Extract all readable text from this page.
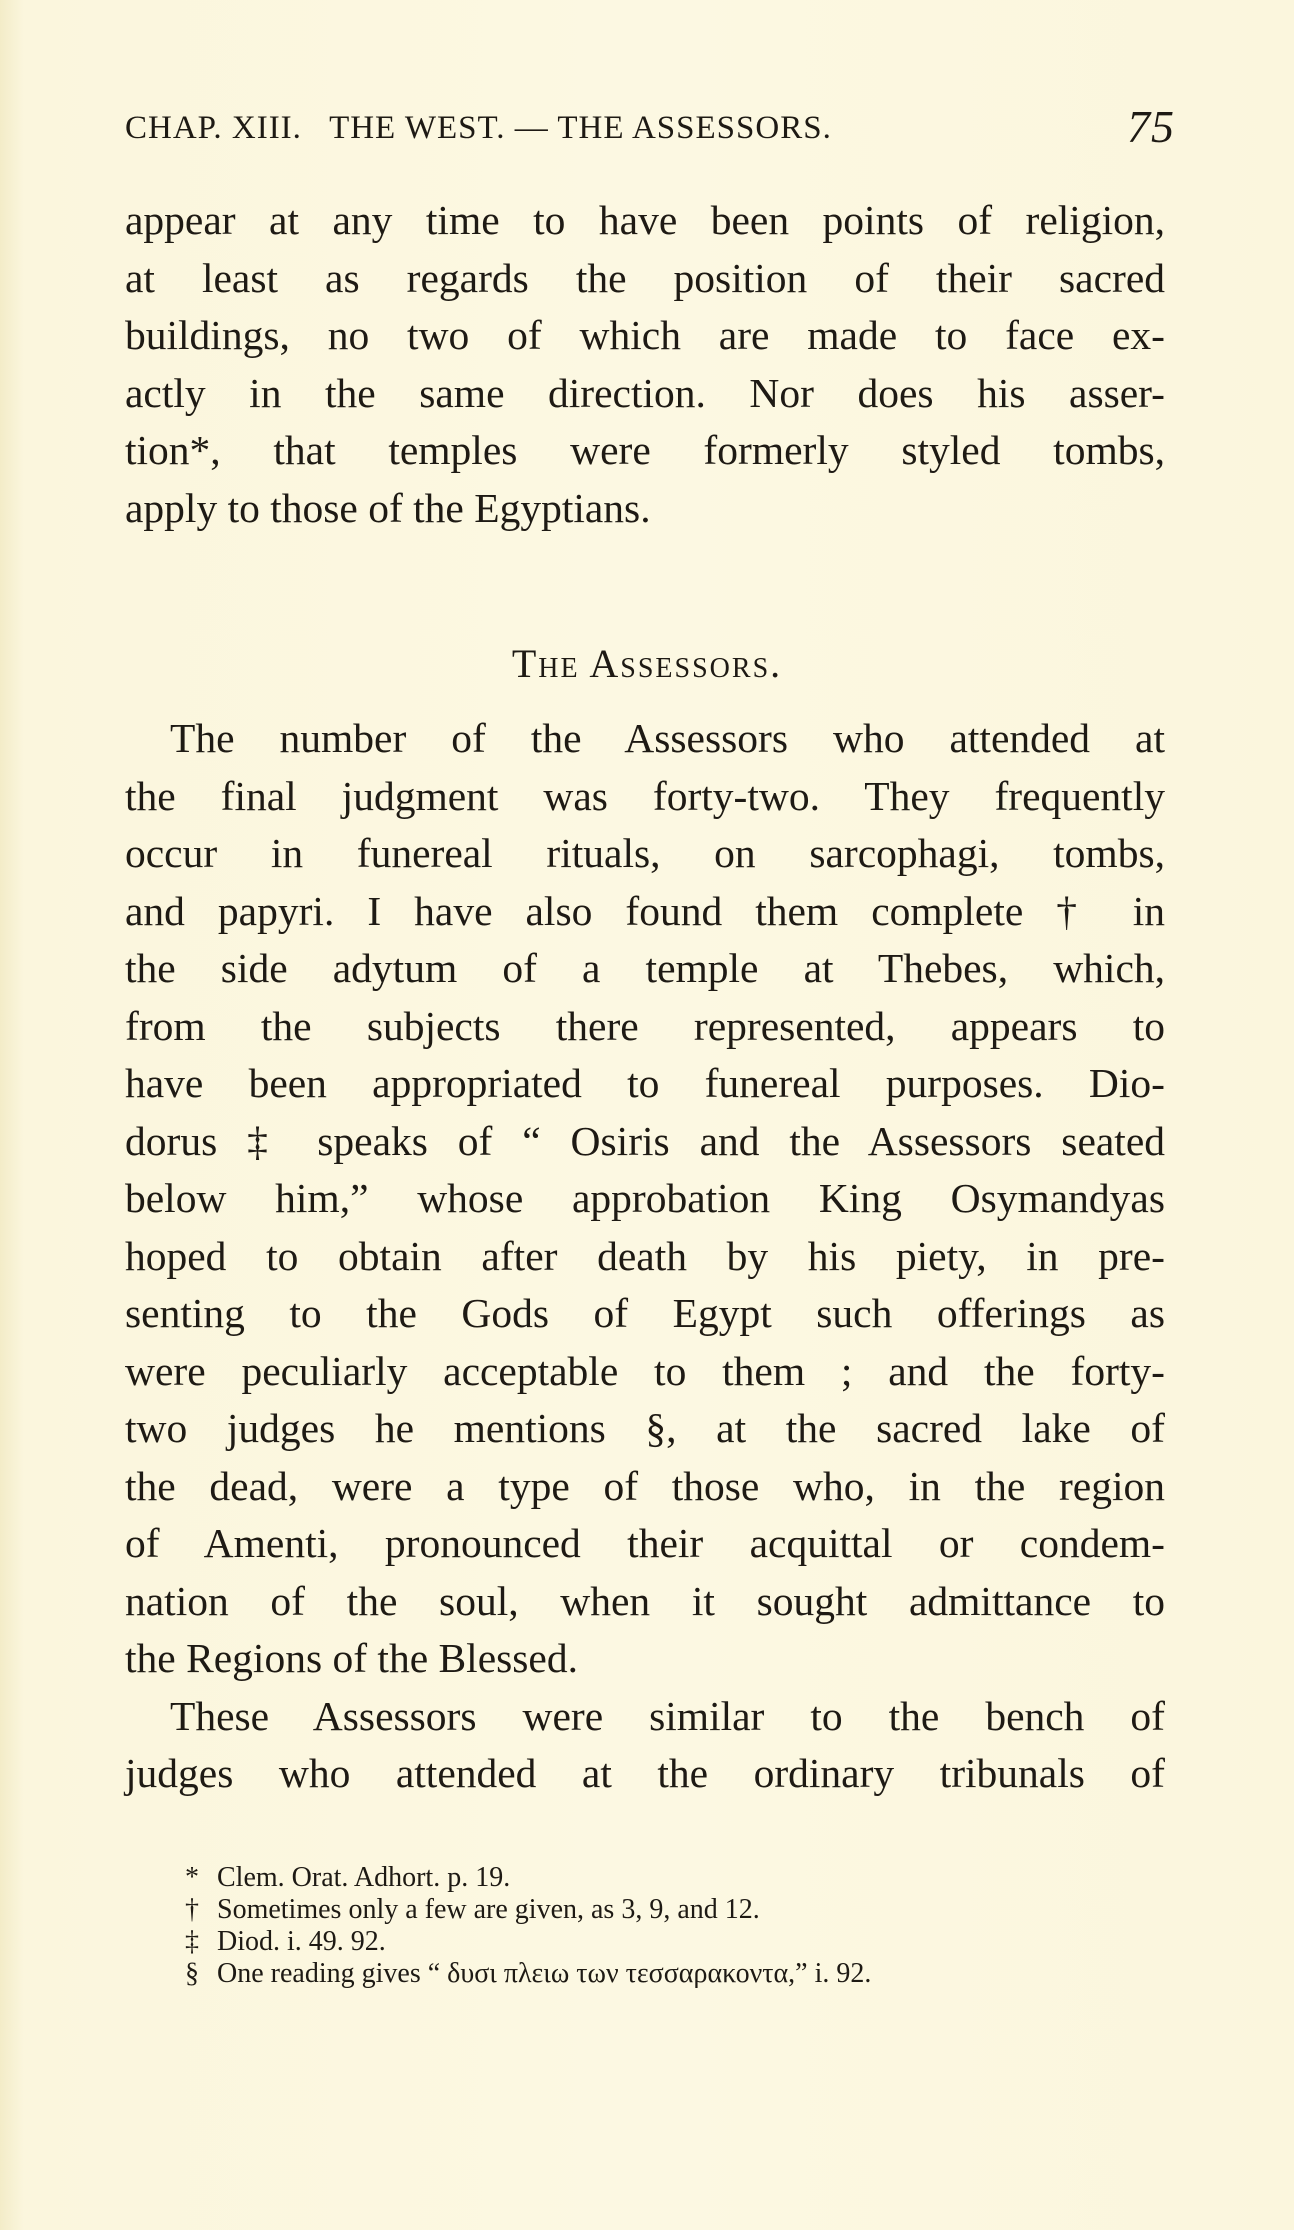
CHAP. XIII.   THE WEST. — THE ASSESSORS.	75
appear at any time to have been points of religion,
at least as regards the position of their sacred
buildings, no two of which are made to face ex-
actly in the same direction. Nor does his asser-
tion*, that temples were formerly styled tombs,
apply to those of the Egyptians.
The Assessors.
The number of the Assessors who attended at
the final judgment was forty-two. They frequently
occur in funereal rituals, on sarcophagi, tombs,
and papyri. I have also found them complete † in
the side adytum of a temple at Thebes, which,
from the subjects there represented, appears to
have been appropriated to funereal purposes. Dio-
dorus ‡ speaks of “ Osiris and the Assessors seated
below him,” whose approbation King Osymandyas
hoped to obtain after death by his piety, in pre-
senting to the Gods of Egypt such offerings as
were peculiarly acceptable to them ; and the forty-
two judges he mentions §, at the sacred lake of
the dead, were a type of those who, in the region
of Amenti, pronounced their acquittal or condem-
nation of the soul, when it sought admittance to
the Regions of the Blessed.
These Assessors were similar to the bench of
judges who attended at the ordinary tribunals of
* Clem. Orat. Adhort. p. 19.
† Sometimes only a few are given, as 3, 9, and 12.
‡ Diod. i. 49. 92.
§ One reading gives “ δυσι πλειω των τεσσαρακοντα,” i. 92.
